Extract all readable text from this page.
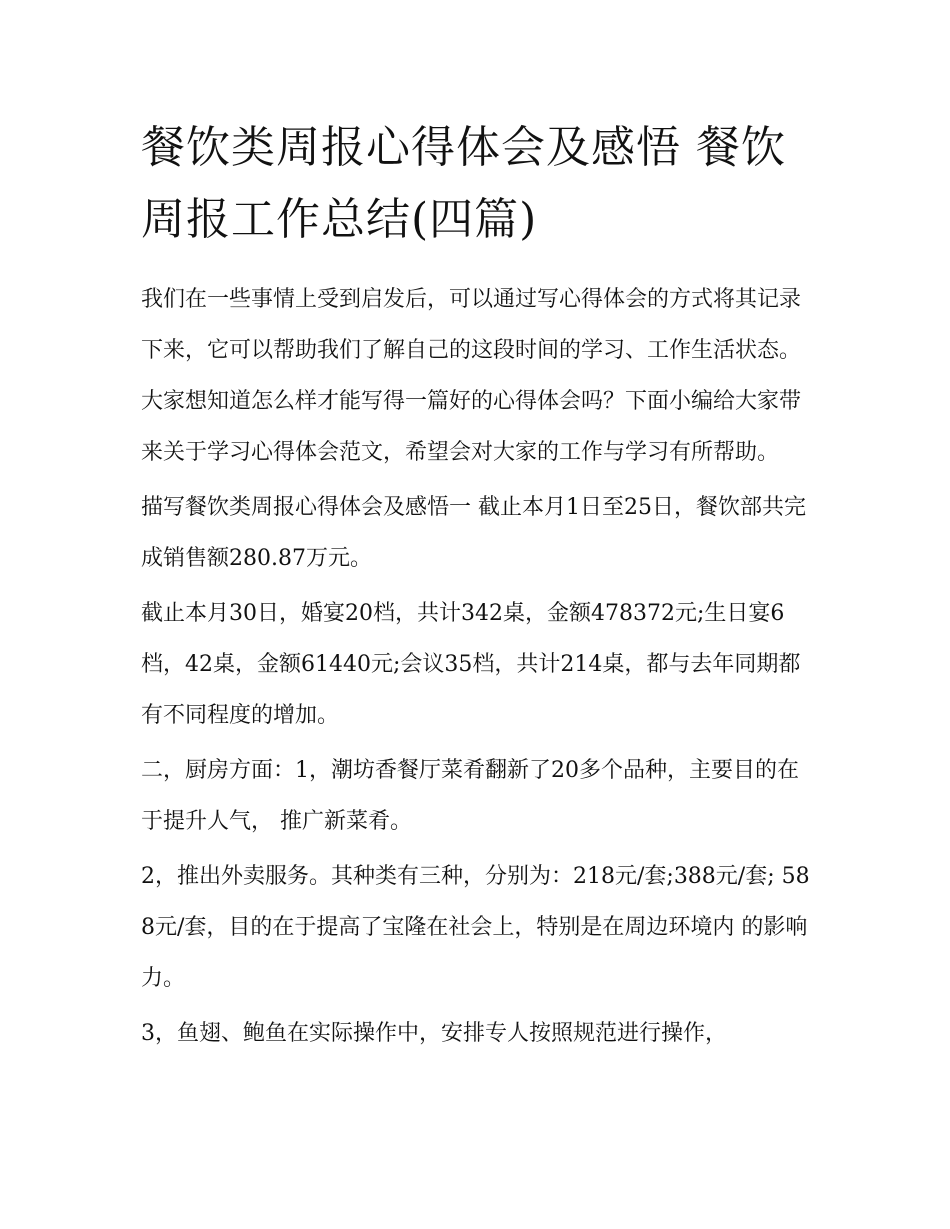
餐饮类周报心得体会及感悟 餐饮周报工作总结(四篇)

我们在一些事情上受到启发后，可以通过写心得体会的方式将其记录下来，它可以帮助我们了解自己的这段时间的学习、工作生活状态。大家想知道怎么样才能写得一篇好的心得体会吗？下面小编给大家带来关于学习心得体会范文，希望会对大家的工作与学习有所帮助。

描写餐饮类周报心得体会及感悟一 截止本月1日至25日，餐饮部共完成销售额280.87万元。

截止本月30日，婚宴20档，共计342桌，金额478372元;生日宴6档，42桌，金额61440元;会议35档，共计214桌，都与去年同期都有不同程度的增加。

二，厨房方面：1，潮坊香餐厅菜肴翻新了20多个品种，主要目的在于提升人气， 推广新菜肴。

2，推出外卖服务。其种类有三种，分别为：218元/套;388元/套; 588元/套，目的在于提高了宝隆在社会上，特别是在周边环境内 的影响力。

3，鱼翅、鲍鱼在实际操作中，安排专人按照规范进行操作，
